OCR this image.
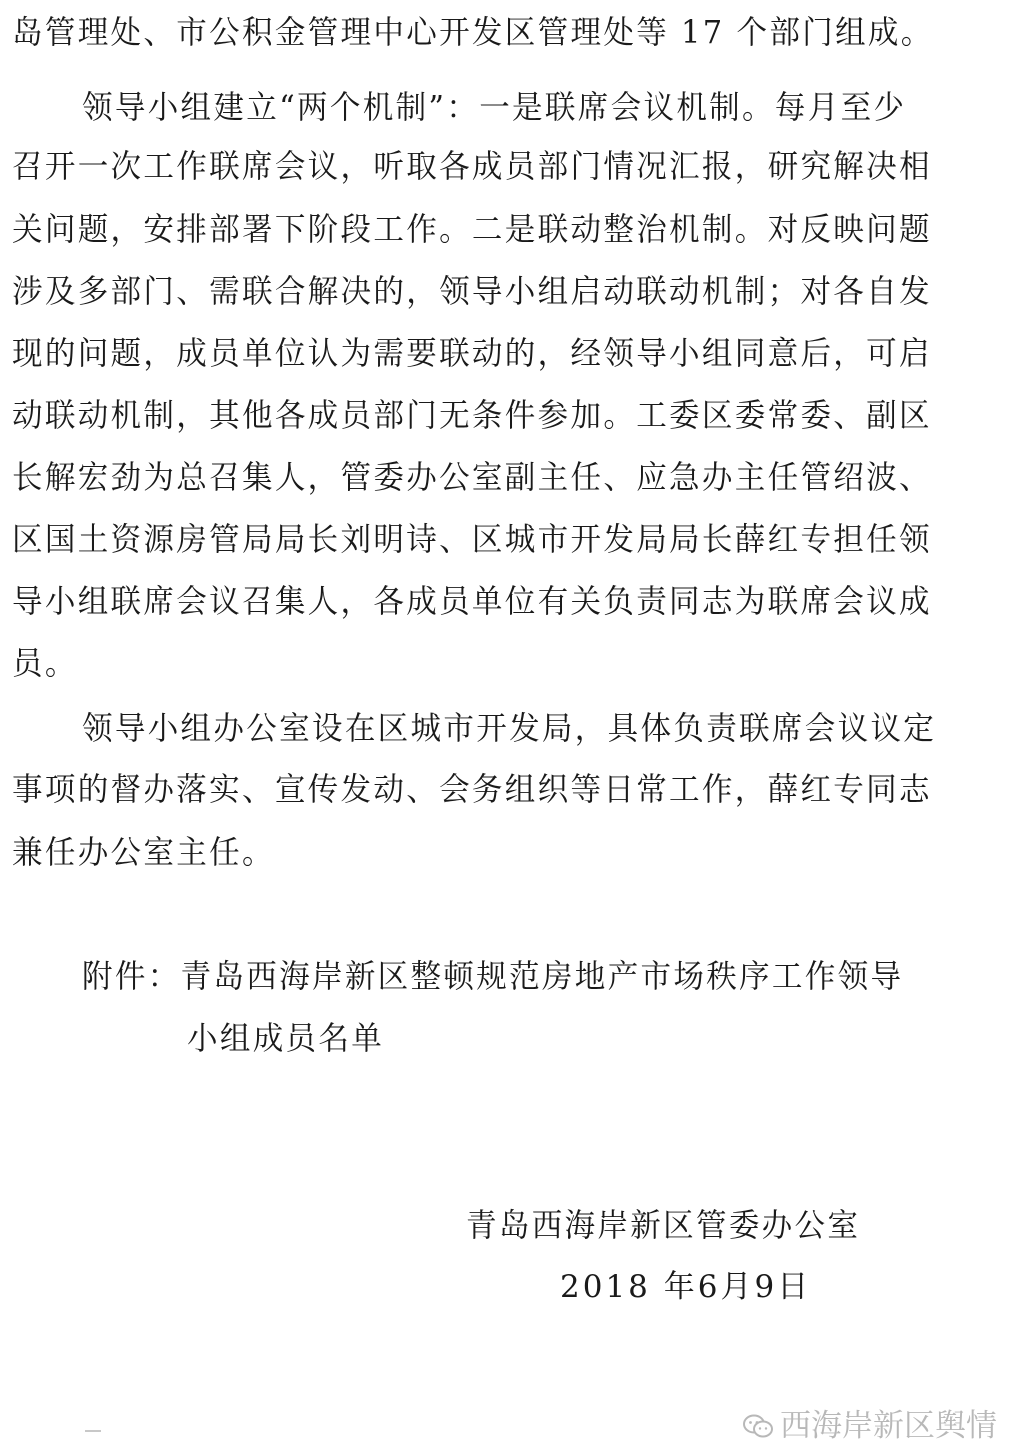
岛管理处、市公积金管理中心开发区管理处等 17 个部门组成。
领导小组建立“两个机制”：一是联席会议机制。每月至少
召开一次工作联席会议，听取各成员部门情况汇报，研究解决相
关问题，安排部署下阶段工作。二是联动整治机制。对反映问题
涉及多部门、需联合解决的，领导小组启动联动机制；对各自发
现的问题，成员单位认为需要联动的，经领导小组同意后，可启
动联动机制，其他各成员部门无条件参加。工委区委常委、副区
长解宏劲为总召集人，管委办公室副主任、应急办主任管绍波、
区国土资源房管局局长刘明诗、区城市开发局局长薛红专担任领
导小组联席会议召集人，各成员单位有关负责同志为联席会议成
员。
领导小组办公室设在区城市开发局，具体负责联席会议议定
事项的督办落实、宣传发动、会务组织等日常工作，薛红专同志
兼任办公室主任。
附件：青岛西海岸新区整顿规范房地产市场秩序工作领导
小组成员名单
青岛西海岸新区管委办公室
2018 年6月9日
西海岸新区舆情
